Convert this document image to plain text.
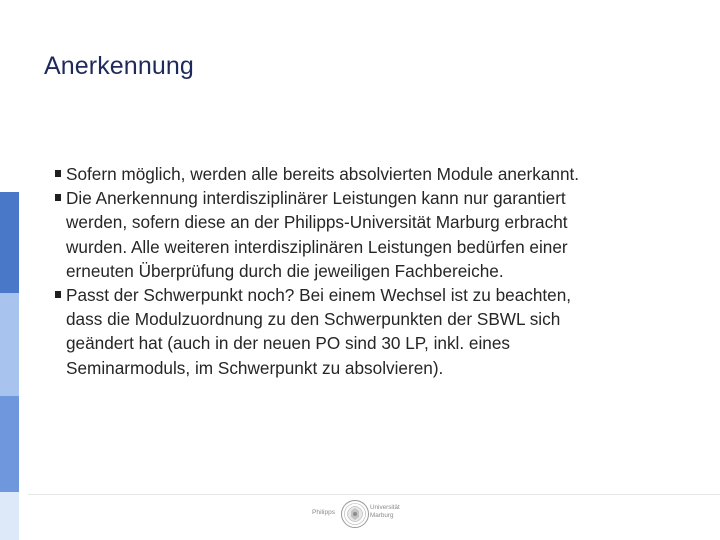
Anerkennung
Sofern möglich, werden alle bereits absolvierten Module anerkannt.
Die Anerkennung interdisziplinärer Leistungen kann nur garantiert
werden, sofern diese an der Philipps-Universität Marburg erbracht
wurden. Alle weiteren interdisziplinären Leistungen bedürfen einer
erneuten Überprüfung durch die jeweiligen Fachbereiche.
Passt der Schwerpunkt noch? Bei einem Wechsel ist zu beachten,
dass die Modulzuordnung zu den Schwerpunkten der SBWL sich
geändert hat (auch in der neuen PO sind 30 LP, inkl. eines
Seminarmoduls, im Schwerpunkt zu absolvieren).
Philipps
Universität
Marburg
